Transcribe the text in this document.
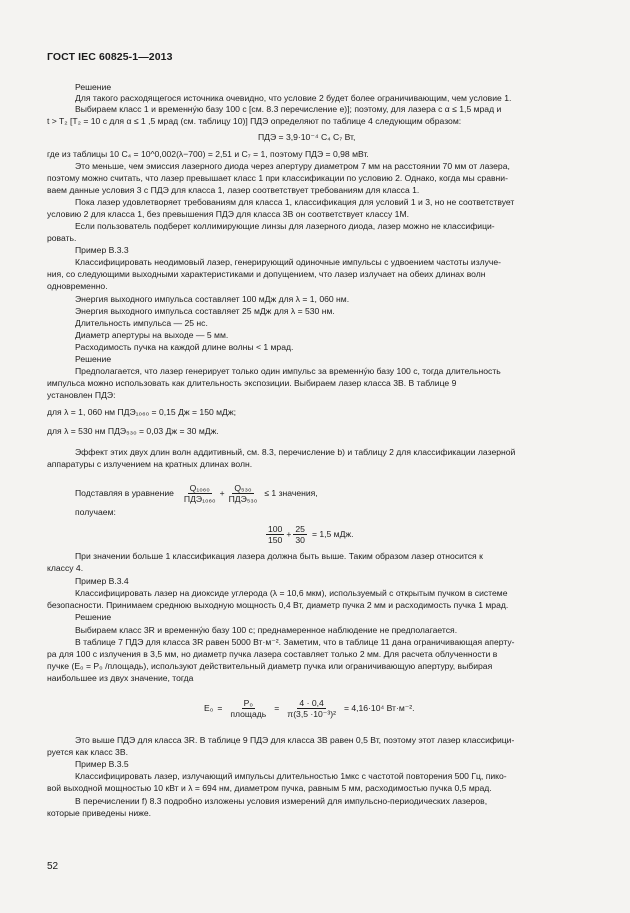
ГОСТ IEC 60825-1—2013
Решение
Для такого расходящегося источника очевидно, что условие 2 будет более ограничивающим, чем условие 1.
Выбираем класс 1 и временну́ю базу 100 с [см. 8.3 перечисление е)]; поэтому, для лазера с α ≤ 1,5 мрад и
t > T₂ [T₂ = 10 с для α ≤ 1 ,5 мрад (см. таблицу 10)] ПДЭ определяют по таблице 4 следующим образом:
ПДЭ = 3,9·10⁻⁴ C₄ C₇ Вт,
где из таблицы 10 C₄ = 10^0,002(λ−700) = 2,51 и C₇ = 1, поэтому ПДЭ = 0,98 мВт.
Это меньше, чем эмиссия лазерного диода через апертуру диаметром 7 мм на расстоянии 70 мм от лазера,
поэтому можно считать, что лазер превышает класс 1 при классификации по условию 2. Однако, когда мы сравни-
ваем данные условия 3 с ПДЭ для класса 1, лазер соответствует требованиям для класса 1.
Пока лазер удовлетворяет требованиям для класса 1, классификация для условий 1 и 3, но не соответствует
условию 2 для класса 1, без превышения ПДЭ для класса 3В он соответствует классу 1М.
Если пользователь подберет коллимирующие линзы для лазерного диода, лазер можно не классифици-
ровать.
Пример В.3.3
Классифицировать неодимовый лазер, генерирующий одиночные импульсы с удвоением частоты излуче-
ния, со следующими выходными характеристиками и допущением, что лазер излучает на обеих длинах волн
одновременно.
Энергия выходного импульса составляет 100 мДж для λ = 1, 060 нм.
Энергия выходного импульса составляет 25 мДж для λ = 530 нм.
Длительность импульса — 25 нс.
Диаметр апертуры на выходе — 5 мм.
Расходимость пучка на каждой длине волны < 1 мрад.
Решение
Предполагается, что лазер генерирует только один импульс за временну́ю базу 100 с, тогда длительность
импульса можно использовать как длительность экспозиции. Выбираем лазер класса 3В. В таблице 9
установлен ПДЭ:
для λ = 1, 060 нм ПДЭ₁₀₆₀ = 0,15 Дж = 150 мДж;
для λ = 530 нм ПДЭ₅₃₀ = 0,03 Дж = 30 мДж.
Эффект этих двух длин волн аддитивный, см. 8.3, перечисление b) и таблицу 2 для классификации лазерной
аппаратуры с излучением на кратных длинах волн.
Подставляя в уравнение $\frac{\text{Q₁₀₆₀}}{\text{ПДЭ₁₀₆₀}} + \frac{\text{Q₅₃₀}}{\text{ПДЭ₅₃₀}} \le 1$ значения,
получаем:
$\frac{100}{150} + \frac{25}{30} = 1,5$ мДж.
При значении больше 1 классификация лазера должна быть выше. Таким образом лазер относится к
классу 4.
Пример В.3.4
Классифицировать лазер на диоксиде углерода (λ = 10,6 мкм), используемый с открытым пучком в системе
безопасности. Принимаем среднюю выходную мощность 0,4 Вт, диаметр пучка 2 мм и расходимость пучка 1 мрад.
Решение
Выбираем класс 3R и временну́ю базу 100 с; преднамеренное наблюдение не предполагается.
В таблице 7 ПДЭ для класса 3R равен 5000 Вт·м⁻². Заметим, что в таблице 11 дана ограничивающая аперту-
ра для 100 с излучения в 3,5 мм, но диаметр пучка лазера составляет только 2 мм. Для расчета облученности в
пучке (E₀ = P₀ /площадь), используют действительный диаметр пучка или ограничивающую апертуру, выбирая
наибольшее из двух значение, тогда
$E_0 = \frac{\text{P₀}}{\text{площадь}} = \frac{4 \cdot 0,4}{\text{π(3,5 ·10⁻³)²}} = 4,16\cdot 10^4$ Вт·м⁻².
Это выше ПДЭ для класса 3R. В таблице 9 ПДЭ для класса 3В равен 0,5 Вт, поэтому этот лазер классифици-
руется как класс 3В.
Пример В.3.5
Классифицировать лазер, излучающий импульсы длительностью 1мкс с частотой повторения 500 Гц, пико-
вой выходной мощностью 10 кВт и λ = 694 нм, диаметром пучка, равным 5 мм, расходимостью пучка 0,5 мрад.
В перечислении f) 8.3 подробно изложены условия измерений для импульсно-периодических лазеров,
которые приведены ниже.
52
